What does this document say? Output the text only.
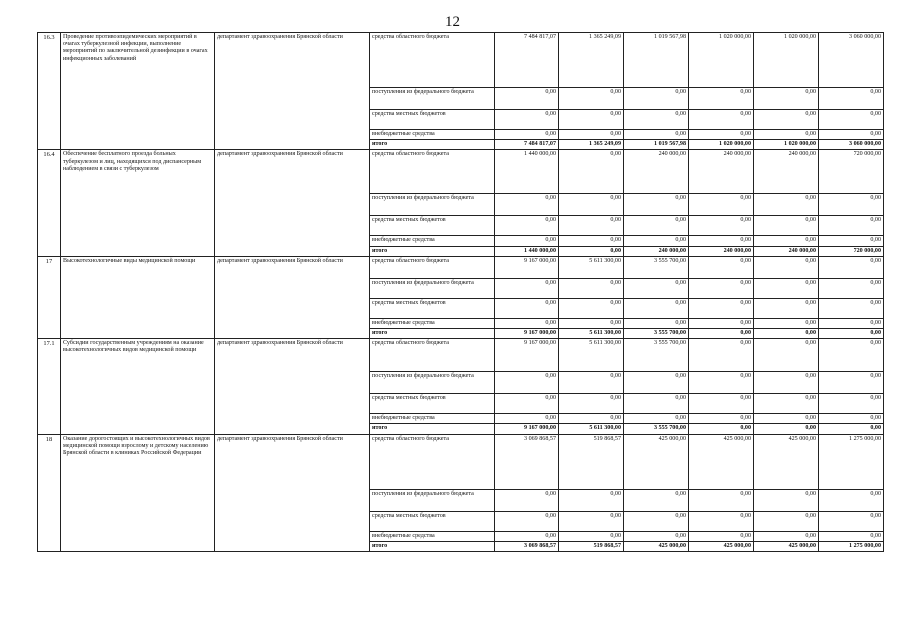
12
16.3	Проведение противоэпидемических мероприятий в очагах туберкулезной инфекции, выполнение мероприятий по заключительной дезинфекции в очагах инфекционных заболеваний	департамент здравоохранения Брянской области	средства областного бюджета	7 484 817,07	1 365 249,09	1 019 567,98	1 020 000,00	1 020 000,00	3 060 000,00
			поступления из федерального бюджета	0,00	0,00	0,00	0,00	0,00	0,00
			средства местных бюджетов	0,00	0,00	0,00	0,00	0,00	0,00
			внебюджетные средства	0,00	0,00	0,00	0,00	0,00	0,00
			итого	7 484 817,07	1 365 249,09	1 019 567,98	1 020 000,00	1 020 000,00	3 060 000,00
16.4	Обеспечение бесплатного проезда больных туберкулезом и лиц, находящихся под диспансерным наблюдением в связи с туберкулезом	департамент здравоохранения Брянской области	средства областного бюджета	1 440 000,00	0,00	240 000,00	240 000,00	240 000,00	720 000,00
			поступления из федерального бюджета	0,00	0,00	0,00	0,00	0,00	0,00
			средства местных бюджетов	0,00	0,00	0,00	0,00	0,00	0,00
			внебюджетные средства	0,00	0,00	0,00	0,00	0,00	0,00
			итого	1 440 000,00	0,00	240 000,00	240 000,00	240 000,00	720 000,00
17	Высокотехнологичные виды медицинской помощи	департамент здравоохранения Брянской области	средства областного бюджета	9 167 000,00	5 611 300,00	3 555 700,00	0,00	0,00	0,00
			поступления из федерального бюджета	0,00	0,00	0,00	0,00	0,00	0,00
			средства местных бюджетов	0,00	0,00	0,00	0,00	0,00	0,00
			внебюджетные средства	0,00	0,00	0,00	0,00	0,00	0,00
			итого	9 167 000,00	5 611 300,00	3 555 700,00	0,00	0,00	0,00
17.1	Субсидии государственным учреждениям на оказание высокотехнологичных видов медицинской помощи	департамент здравоохранения Брянской области	средства областного бюджета	9 167 000,00	5 611 300,00	3 555 700,00	0,00	0,00	0,00
			поступления из федерального бюджета	0,00	0,00	0,00	0,00	0,00	0,00
			средства местных бюджетов	0,00	0,00	0,00	0,00	0,00	0,00
			внебюджетные средства	0,00	0,00	0,00	0,00	0,00	0,00
			итого	9 167 000,00	5 611 300,00	3 555 700,00	0,00	0,00	0,00
18	Оказание дорогостоящих и высокотехнологичных видов медицинской помощи взрослому и детскому населению Брянской области в клиниках Российской Федерации	департамент здравоохранения Брянской области	средства областного бюджета	3 069 868,57	519 868,57	425 000,00	425 000,00	425 000,00	1 275 000,00
			поступления из федерального бюджета	0,00	0,00	0,00	0,00	0,00	0,00
			средства местных бюджетов	0,00	0,00	0,00	0,00	0,00	0,00
			внебюджетные средства	0,00	0,00	0,00	0,00	0,00	0,00
			итого	3 069 868,57	519 868,57	425 000,00	425 000,00	425 000,00	1 275 000,00
